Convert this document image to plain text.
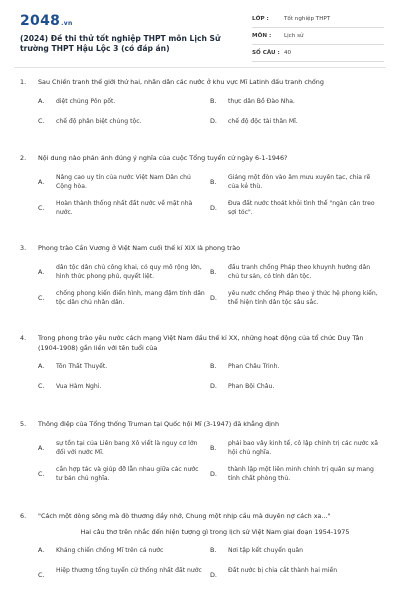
2048.vn
(2024) Đề thi thử tốt nghiệp THPT môn Lịch Sử trường THPT Hậu Lộc 3 (có đáp án)
LỚP :	Tốt nghiệp THPT
MÔN : Lịch sử
SỐ CÂU : 40
1. Sau Chiến tranh thế giới thứ hai, nhân dân các nước ở khu vực Mĩ Latinh đấu tranh chống
A. diệt chủng Pôn pốt.	B. thực dân Bồ Đào Nha.
C. chế độ phân biệt chủng tộc.	D. chế độ độc tài thân Mĩ.
2. Nội dung nào phản ánh đúng ý nghĩa của cuộc Tổng tuyển cử ngày 6-1-1946?
A.
Nâng cao uy tín của nước Việt Nam Dân chủ Cộng hòa.
B.
Giáng một đòn vào âm mưu xuyên tạc, chia rẽ của kẻ thù.
C.
Hoàn thành thống nhất đất nước về mặt nhà nước.
D.
Đưa đất nước thoát khỏi tình thế "ngàn cân treo sợi tóc".
3. Phong trào Cần Vương ở Việt Nam cuối thế kỉ XIX là phong trào
A.
dân tộc dân chủ công khai, có quy mô rộng lớn, hình thức phong phú, quyết liệt.
B.
đấu tranh chống Pháp theo khuynh hướng dân chủ tư sản, có tính dân tộc.
C.
chống phong kiến điển hình, mang đậm tính dân tộc dân chủ nhân dân.
D.
yêu nước chống Pháp theo ý thức hệ phong kiến, thể hiện tính dân tộc sâu sắc.
4. Trong phong trào yêu nước cách mạng Việt Nam đầu thế kỉ XX, những hoạt động của tổ chức Duy Tân (1904-1908) gắn liền với tên tuổi của
A. Tôn Thất Thuyết.	B. Phan Châu Trinh.
C. Vua Hàm Nghi.	D. Phan Bội Châu.
5. Thông điệp của Tổng thống Truman tại Quốc hội Mĩ (3-1947) đã khẳng định
A.
sự tồn tại của Liên bang Xô viết là nguy cơ lớn đối với nước Mĩ.
B.
phải bao vây kinh tế, cô lập chính trị các nước xã hội chủ nghĩa.
C.
cần hợp tác và giúp đỡ lẫn nhau giữa các nước tư bản chủ nghĩa.
D.
thành lập một liên minh chính trị quân sự mang tính chất phòng thủ.
6. "Cách một dòng sông mà đò thương đầy nhớ, Chung một nhịp cầu mà duyên nợ cách xa..."
Hai câu thơ trên nhắc đến hiện tượng gì trong lịch sử Việt Nam giai đoạn 1954-1975
A. Kháng chiến chống Mĩ trên cả nước	B. Nơi tập kết chuyển quân
C.
Hiệp thương tổng tuyển cử thống nhất đất nước
D.
Đất nước bị chia cắt thành hai miền
